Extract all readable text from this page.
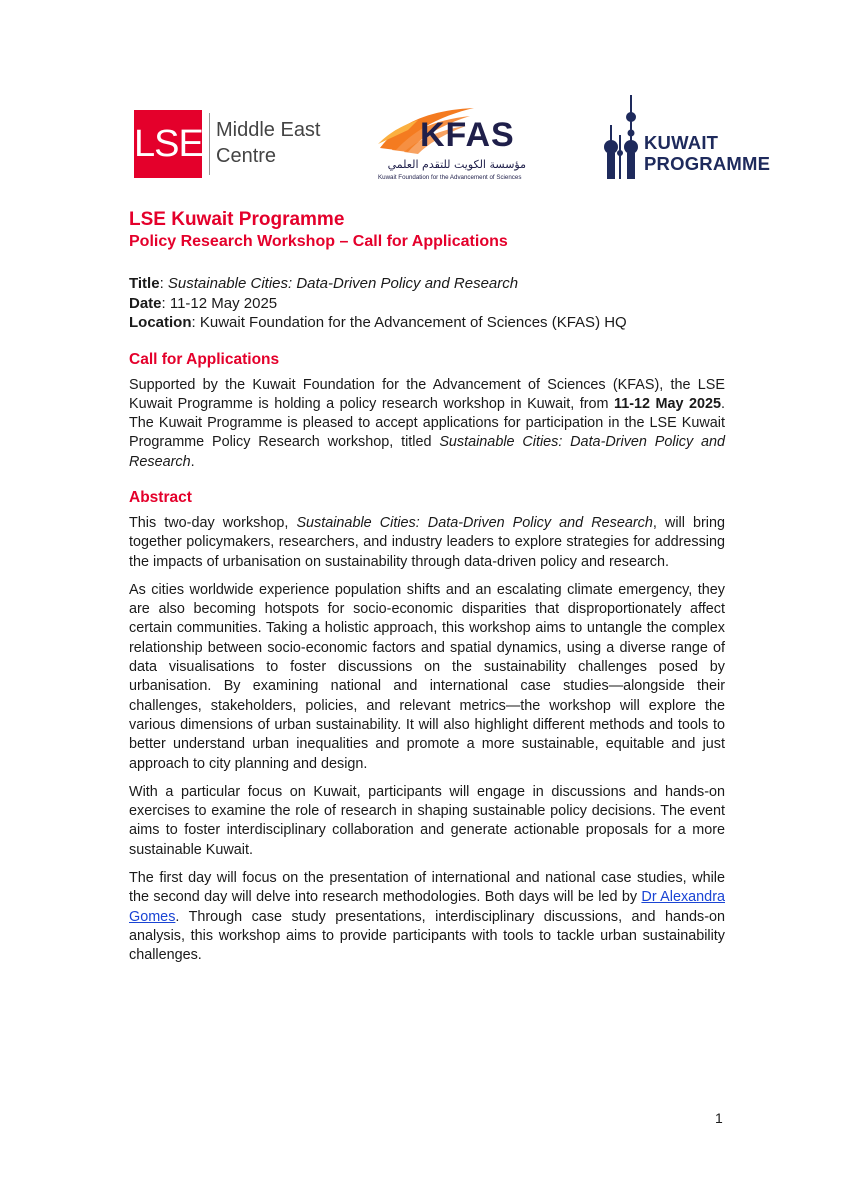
LSE Middle East
Centre
KFAS
مؤسسة الكويت للتقدم العلمي
Kuwait Foundation for the Advancement of Sciences
KUWAIT
PROGRAMME
LSE Kuwait Programme
Policy Research Workshop – Call for Applications
Title: Sustainable Cities: Data-Driven Policy and Research
Date: 11-12 May 2025
Location: Kuwait Foundation for the Advancement of Sciences (KFAS) HQ
Call for Applications

Supported by the Kuwait Foundation for the Advancement of Sciences (KFAS), the LSE Kuwait Programme is holding a policy research workshop in Kuwait, from 11-12 May 2025. The Kuwait Programme is pleased to accept applications for participation in the LSE Kuwait Programme Policy Research workshop, titled Sustainable Cities: Data-Driven Policy and Research.

Abstract

This two-day workshop, Sustainable Cities: Data-Driven Policy and Research, will bring together policymakers, researchers, and industry leaders to explore strategies for addressing the impacts of urbanisation on sustainability through data-driven policy and research.

As cities worldwide experience population shifts and an escalating climate emergency, they are also becoming hotspots for socio-economic disparities that disproportionately affect certain communities. Taking a holistic approach, this workshop aims to untangle the complex relationship between socio-economic factors and spatial dynamics, using a diverse range of data visualisations to foster discussions on the sustainability challenges posed by urbanisation. By examining national and international case studies—alongside their challenges, stakeholders, policies, and relevant metrics—the workshop will explore the various dimensions of urban sustainability. It will also highlight different methods and tools to better understand urban inequalities and promote a more sustainable, equitable and just approach to city planning and design.

With a particular focus on Kuwait, participants will engage in discussions and hands-on exercises to examine the role of research in shaping sustainable policy decisions. The event aims to foster interdisciplinary collaboration and generate actionable proposals for a more sustainable Kuwait.

The first day will focus on the presentation of international and national case studies, while the second day will delve into research methodologies. Both days will be led by Dr Alexandra Gomes. Through case study presentations, interdisciplinary discussions, and hands-on analysis, this workshop aims to provide participants with tools to tackle urban sustainability challenges.

1
